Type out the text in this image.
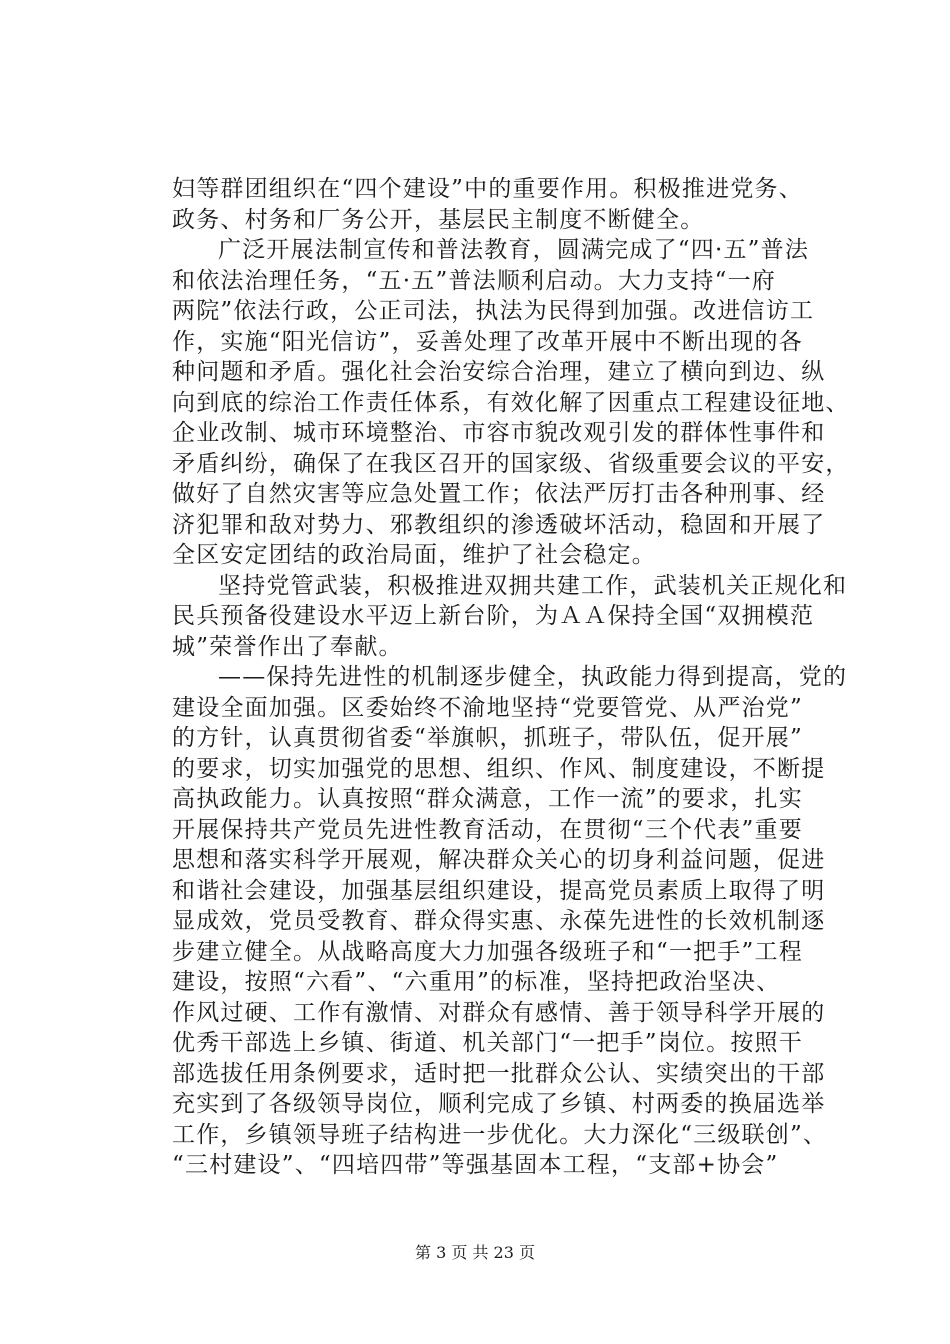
妇等群团组织在“四个建设”中的重要作用。积极推进党务、
政务、村务和厂务公开，基层民主制度不断健全。
广泛开展法制宣传和普法教育，圆满完成了“四·五”普法
和依法治理任务，“五·五”普法顺利启动。大力支持“一府
两院”依法行政，公正司法，执法为民得到加强。改进信访工
作，实施“阳光信访”，妥善处理了改革开展中不断出现的各
种问题和矛盾。强化社会治安综合治理，建立了横向到边、纵
向到底的综治工作责任体系，有效化解了因重点工程建设征地、
企业改制、城市环境整治、市容市貌改观引发的群体性事件和
矛盾纠纷，确保了在我区召开的国家级、省级重要会议的平安，
做好了自然灾害等应急处置工作；依法严厉打击各种刑事、经
济犯罪和敌对势力、邪教组织的渗透破坏活动，稳固和开展了
全区安定团结的政治局面，维护了社会稳定。
坚持党管武装，积极推进双拥共建工作，武装机关正规化和
民兵预备役建设水平迈上新台阶，为ＡＡ保持全国“双拥模范
城”荣誉作出了奉献。
——保持先进性的机制逐步健全，执政能力得到提高，党的
建设全面加强。区委始终不渝地坚持“党要管党、从严治党”
的方针，认真贯彻省委“举旗帜，抓班子，带队伍，促开展”
的要求，切实加强党的思想、组织、作风、制度建设，不断提
高执政能力。认真按照“群众满意，工作一流”的要求，扎实
开展保持共产党员先进性教育活动，在贯彻“三个代表”重要
思想和落实科学开展观，解决群众关心的切身利益问题，促进
和谐社会建设，加强基层组织建设，提高党员素质上取得了明
显成效，党员受教育、群众得实惠、永葆先进性的长效机制逐
步建立健全。从战略高度大力加强各级班子和“一把手”工程
建设，按照“六看”、“六重用”的标准，坚持把政治坚决、
作风过硬、工作有激情、对群众有感情、善于领导科学开展的
优秀干部选上乡镇、街道、机关部门“一把手”岗位。按照干
部选拔任用条例要求，适时把一批群众公认、实绩突出的干部
充实到了各级领导岗位，顺利完成了乡镇、村两委的换届选举
工作，乡镇领导班子结构进一步优化。大力深化“三级联创”、
“三村建设”、“四培四带”等强基固本工程，“支部+协会”
第 3 页 共 23 页
